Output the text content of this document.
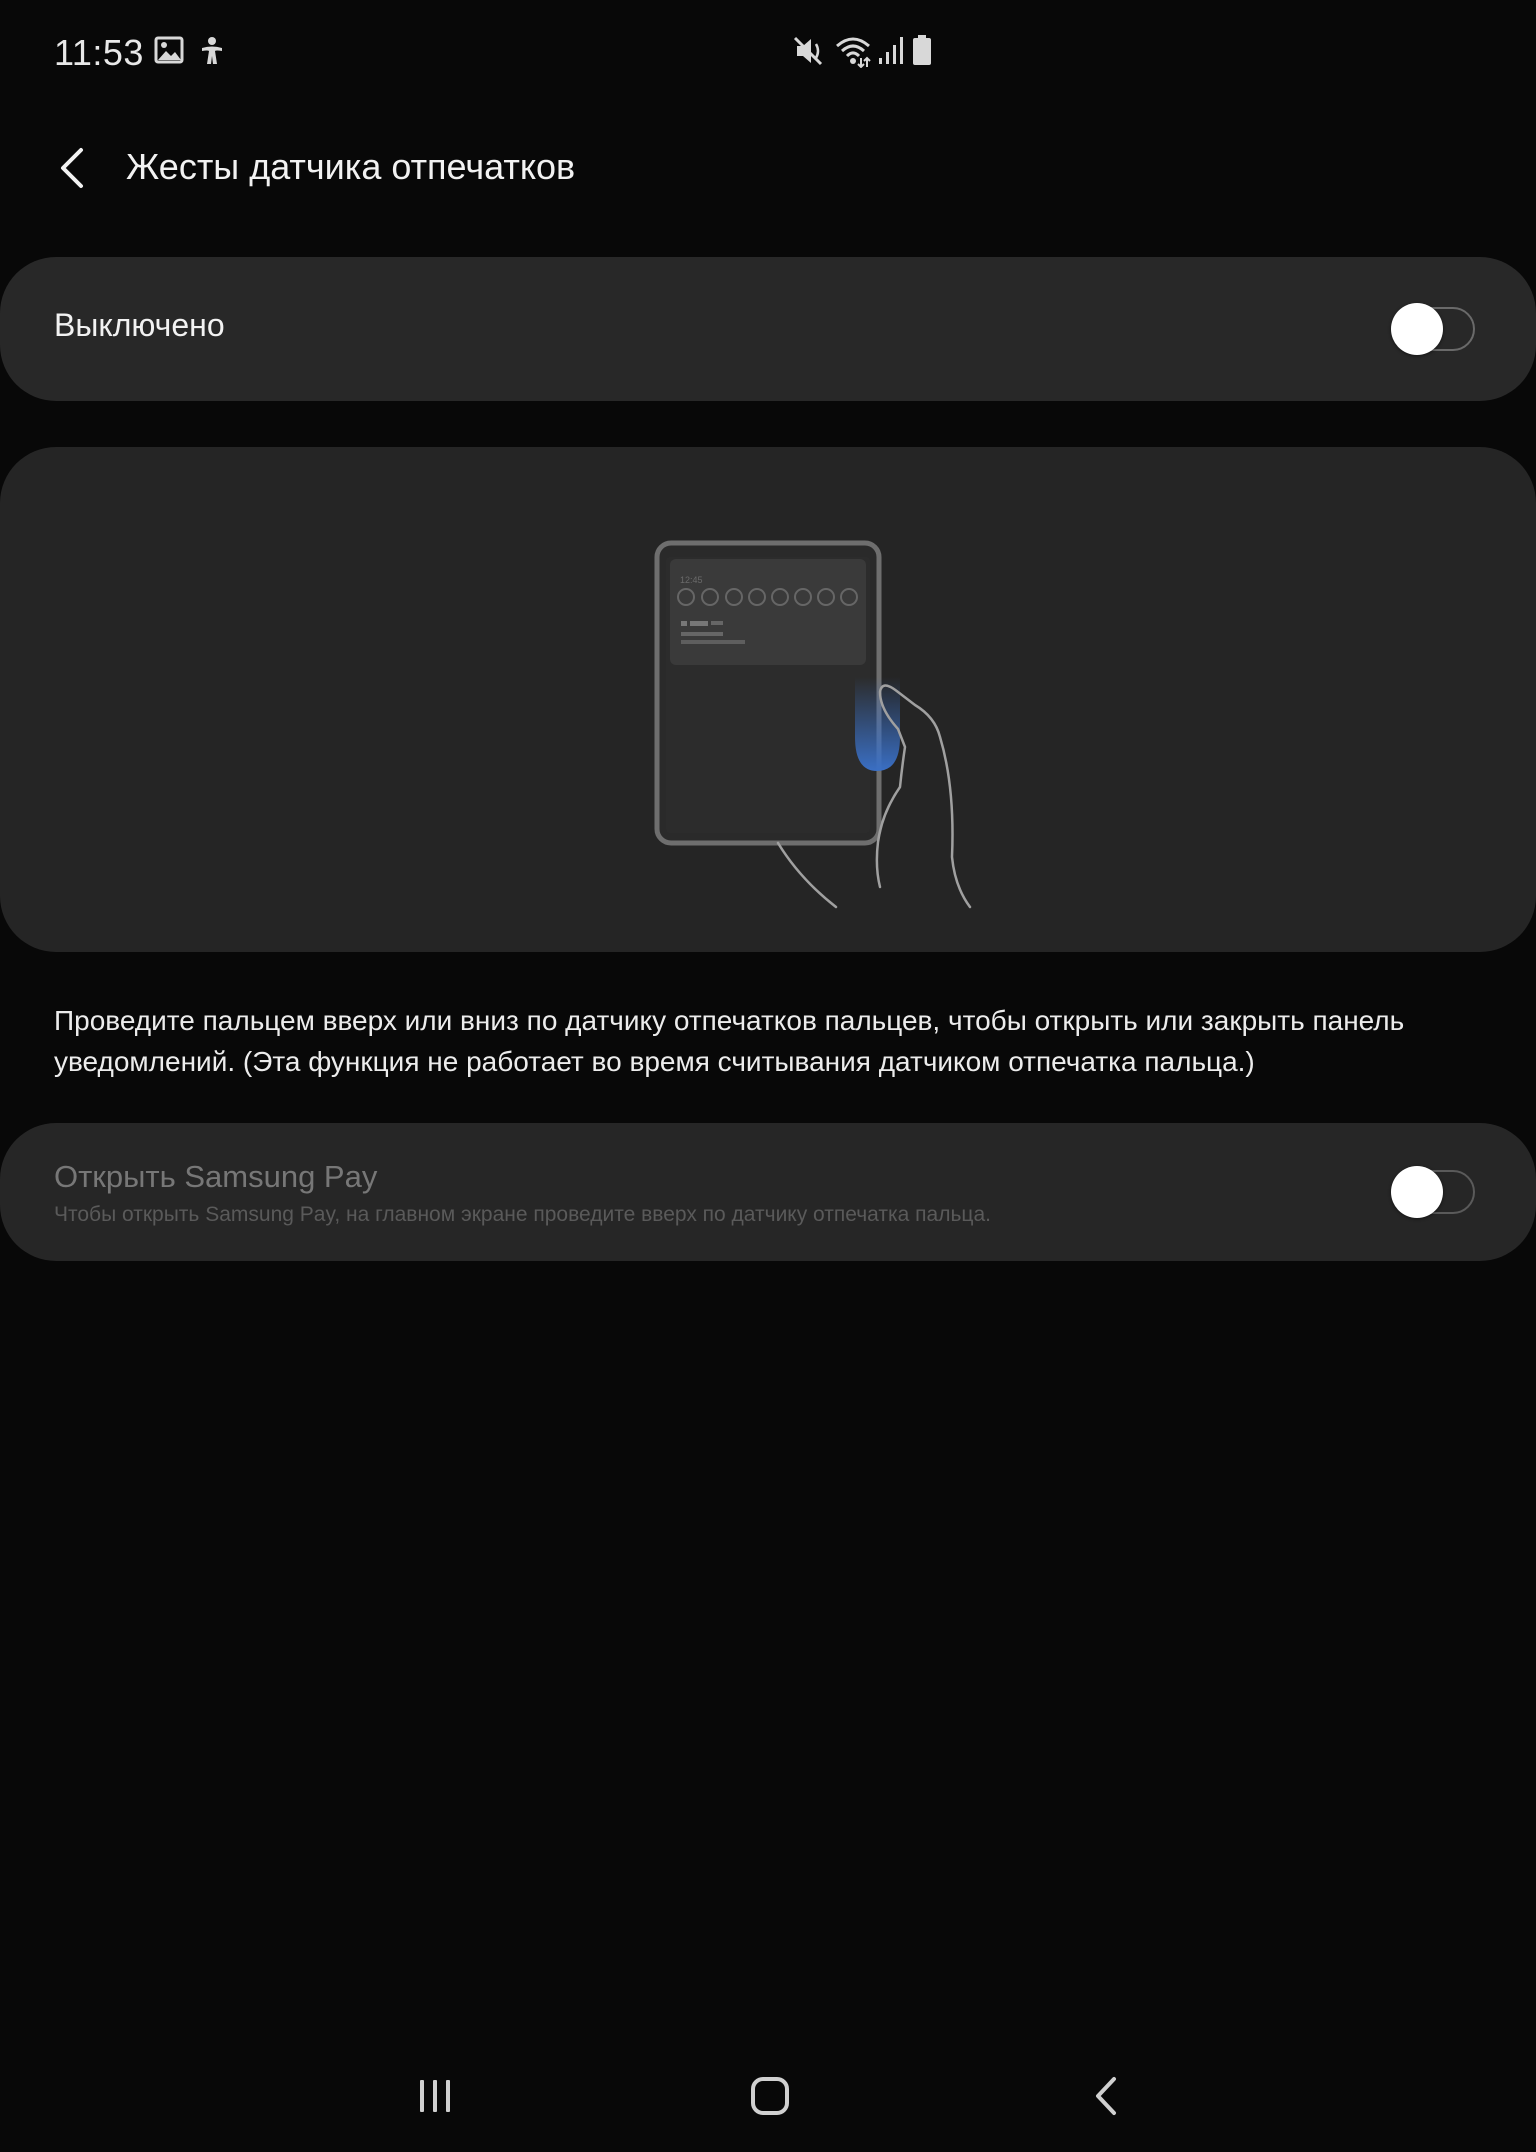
11:53
Жесты датчика отпечатков
Выключено
12:45
Проведите пальцем вверх или вниз по датчику отпечатков пальцев, чтобы открыть или закрыть панель уведомлений. (Эта функция не работает во время считывания датчиком отпечатка пальца.)
Открыть Samsung Pay
Чтобы открыть Samsung Pay, на главном экране проведите вверх по датчику отпечатка пальца.
